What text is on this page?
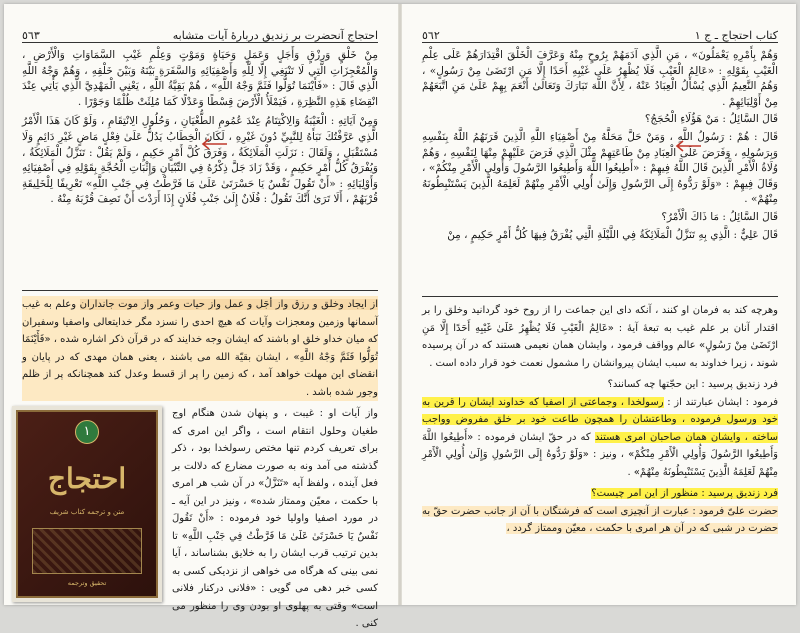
كتاب احتجاج ـ ج ١
٥٦٢

وَهُمْ بِأَمْرِهِ يَعْمَلُونَ» ، مَنِ الَّذِي آدَمَهُمْ بِرُوحٍ مِنْهُ وَعَرَّفَ الْخَلْقَ اقْتِدَارَهُمْ عَلَى عِلْمِ الْغَيْبِ بِقَوْلِهِ : «عَالِمُ الْغَيْبِ فَلَا يُظْهِرُ عَلَى غَيْبِهِ أَحَدًا إِلَّا مَنِ ارْتَضَىٰ مِنْ رَسُولٍ» ، وَهُمُ النَّعِيمُ الَّذِي يُسْأَلُ الْعِبَادُ عَنْهُ ، لِأَنَّ اللَّهَ تَبَارَكَ وَتَعَالَىٰ أَنْعَمَ بِهِمْ عَلَىٰ مَنِ اتَّبَعَهُمْ مِنْ أَوْلِيَائِهِمْ .

قَالَ السَّائِلُ : مَنْ هَؤُلَاءِ الْحُجَجُ؟

قَالَ : هُمْ : رَسُولُ اللَّهِ ، وَمَنْ حَلَّ مَحَلَّهُ مِنْ أَصْفِيَاءِ اللَّهِ الَّذِينَ قَرَنَهُمُ اللَّهُ بِنَفْسِهِ وَبِرَسُولِهِ ، وَفَرَضَ عَلَى الْعِبَادِ مِنْ طَاعَتِهِمْ مِثْلَ الَّذِي فَرَضَ عَلَيْهِمْ مِنْهَا لِنَفْسِهِ ، وَهُمْ وُلَاةُ الْأَمْرِ الَّذِينَ قَالَ اللَّهُ فِيهِمْ : «أَطِيعُوا اللَّهَ وَأَطِيعُوا الرَّسُولَ وَأُولِي الْأَمْرِ مِنْكُمْ» ، وَقَالَ فِيهِمْ : «وَلَوْ رَدُّوهُ إِلَى الرَّسُولِ وَإِلَىٰ أُولِي الْأَمْرِ مِنْهُمْ لَعَلِمَهُ الَّذِينَ يَسْتَنْبِطُونَهُ مِنْهُمْ» .

قَالَ السَّائِلُ : مَا ذَاكَ الْأَمْرُ؟

قَالَ عَلِيٌّ : الَّذِي بِهِ تَنَزَّلُ الْمَلَائِكَةُ فِي اللَّيْلَةِ الَّتِي يُفْرَقُ فِيهَا كُلُّ أَمْرٍ حَكِيمٍ ، مِنْ

وهرچه كند به فرمان او كنند ، آنكه داى اين جماعت را از روح خود گردانيد وخلق را بر اقتدار آنان بر علم غيب به تبعهٔ آيهٔ : «عَالِمُ الْغَيْبِ فَلَا يُظْهِرُ عَلَىٰ غَيْبِهِ أَحَدًا إِلَّا مَنِ ارْتَضَىٰ مِنْ رَسُولٍ» عالم وواقف فرمود ، وايشان همان نعيمى هستند كه در آن پرسيده شوند ، زيرا خداوند به سبب ايشان پيروانشان را مشمول نعمت خود قرار داده است .

فرد زنديق پرسيد : اين حجّتها چه كسانند؟

فرمود : ايشان عبارتند از : رسولخدا ، وجماعتى از اصفيا كه خداوند ايشان را قرين به خود ورسول فرموده ، وطاعتشان را همچون طاعت خود بر خلق مفروض وواجب ساخته ، وايشان همان صاحبان امرى هستند كه در حقّ ايشان فرموده : «أَطِيعُوا اللَّهَ وَأَطِيعُوا الرَّسُولَ وَأُولِي الْأَمْرِ مِنْكُمْ» ، ونيز : «وَلَوْ رَدُّوهُ إِلَى الرَّسُولِ وَإِلَىٰ أُولِي الْأَمْرِ مِنْهُمْ لَعَلِمَهُ الَّذِينَ يَسْتَنْبِطُونَهُ مِنْهُمْ» .

فرد زنديق پرسيد : منظور از اين امر چيست؟

حضرت علىّ فرمود : عبارت از آنچيزى است كه فرشتگان با آن از جانب حضرت حقّ به حضرت در شبى كه در آن هر امرى با حكمت ، معيّن وممتاز گردد ،

احتجاج آنحضرت بر زنديق دربارهٔ آيات متشابه
٥٦٣

مِنْ خَلْقٍ وَرِزْقٍ وَأَجَلٍ وَعَمَلٍ وَحَيَاةٍ وَمَوْتٍ وَعِلْمِ غَيْبِ السَّمَاوَاتِ وَالْأَرْضِ ، وَالْمُعْجِزَاتِ الَّتِي لَا تَنْبَغِي إِلَّا لِلَّهِ وَأَصْفِيَائِهِ وَالسَّفَرَةِ بَيْنَهُ وَبَيْنَ خَلْقِهِ ، وَهُمْ وَجْهُ اللَّهِ الَّذِي قَالَ : «فَأَيْنَمَا تُوَلُّوا فَثَمَّ وَجْهُ اللَّهِ» ، هُمْ بَقِيَّةُ اللَّهِ ، يَعْنِي الْمَهْدِيَّ الَّذِي يَأْتِي عِنْدَ انْقِضَاءِ هَذِهِ النَّظِرَةِ ، فَيَمْلَأُ الْأَرْضَ قِسْطًا وَعَدْلًا كَمَا مُلِئَتْ ظُلْمًا وَجَوْرًا .

وَمِنْ آيَاتِهِ : الْغَيْبَةُ وَالِاكْتِتَامُ عِنْدَ عُمُومِ الطُّغْيَانِ ، وَحُلُولِ الِانْتِقَامِ ، وَلَوْ كَانَ هَذَا الْأَمْرُ الَّذِي عَرَّفْتُكَ نَبَأَهُ لِلنَّبِيِّ دُونَ غَيْرِهِ ، لَكَانَ الْخِطَابُ يَدُلُّ عَلَىٰ فِعْلٍ مَاضٍ غَيْرِ دَائِمٍ وَلَا مُسْتَقْبَلٍ ، وَلَقَالَ : نَزَلَتِ الْمَلَائِكَةُ ، وَفَرَقَ كُلَّ أَمْرٍ حَكِيمٍ ، وَلَمْ يَقُلْ : تَنَزَّلُ الْمَلَائِكَةُ ، وَيُفْرَقُ كُلُّ أَمْرٍ حَكِيمٍ ، وَقَدْ زَادَ جَلَّ ذِكْرُهُ فِي التِّبْيَانِ وَإِثْبَاتِ الْحُجَّةِ بِقَوْلِهِ فِي أَصْفِيَائِهِ وَأَوْلِيَائِهِ : «أَنْ تَقُولَ نَفْسٌ يَا حَسْرَتَىٰ عَلَىٰ مَا فَرَّطْتُ فِي جَنْبِ اللَّهِ» تَعْرِيفًا لِلْخَلِيقَةِ قُرْبَهُمْ ، أَلَا تَرَىٰ أَنَّكَ تَقُولُ : فُلَانٌ إِلَىٰ جَنْبِ فُلَانٍ إِذَا أَرَدْتَ أَنْ تَصِفَ قُرْبَهُ مِنْهُ .

از ايجاد وخلق و رزق واز أجَل و عمل واز حيات وعمر واز موت جانداران وعلم به غيب آسمانها وزمين ومعجزات وآيات كه هيچ احدى را نسزد مگر خدايتعالى واصفيا وسفيران كه ميان خداو خلق او باشند كه ايشان وجه خدايند كه در قرآن ذكر اشاره شده ، «فَأَيْنَمَا تُوَلُّوا فَثَمَّ وَجْهُ اللَّهِ» ، ايشان بقيّة الله مى باشند ، يعنى همان مهدى كه در پايان و انقضاى اين مهلت خواهد آمد ، كه زمين را پر از قسط وعدل كند همچنانكه پر از ظلم وجور شده باشد .

واز آيات او : غيبت ، و پنهان شدن هنگام اوج طغيان وحلول انتقام است ، واگر اين امرى كه براى تعريف كردم تنها مختص رسولخدا بود ، ذكر گذشته مى آمد ونه به صورت مضارع كه دلالت بر فعل آينده ، ولفظ آيه «تَنَزَّلُ» در آن شب هر امرى با حكمت ، معيّن وممتاز شده» ، ونيز در اين آيه ـ در مورد اصفيا واوليا خود فرموده : «أَنْ تَقُولَ نَفْسٌ يَا حَسْرَتَىٰ عَلَىٰ مَا فَرَّطْتُ فِي جَنْبِ اللَّهِ» تا بدين ترتيب قرب ايشان را به خلايق بشناساند ، آيا نمى بينى كه هرگاه مى خواهى از نزديكى كسى به كسى خبر دهى مى گويى : «فلانى دركنار فلانى است» وقتى به پهلوى او بودن وى را منظور مى كنى .

١
احتجاج
متن و ترجمه كتاب شريف
تحقيق وترجمه
